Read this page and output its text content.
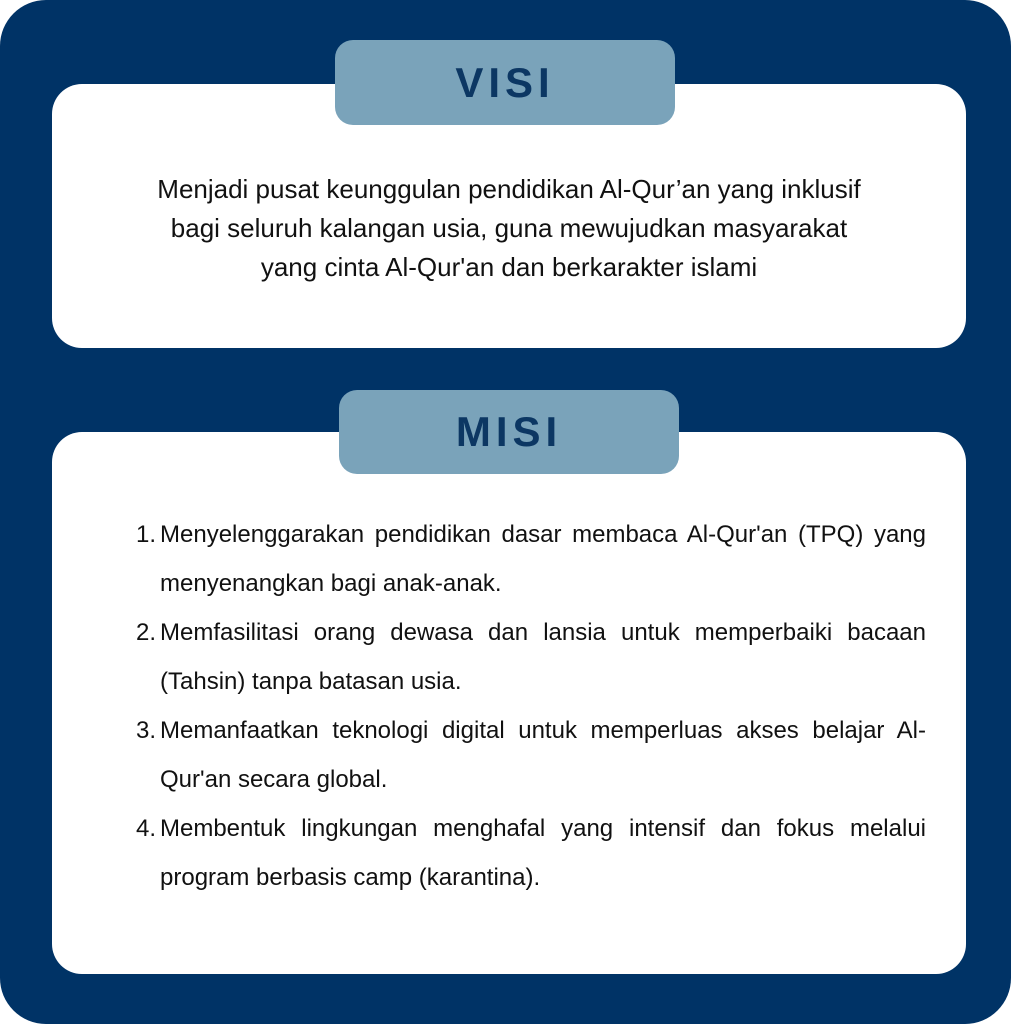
Menjadi pusat keunggulan pendidikan Al-Qur’an yang inklusif bagi seluruh kalangan usia, guna mewujudkan masyarakat yang cinta Al-Qur'an dan berkarakter islami
VISI
1. Menyelenggarakan pendidikan dasar membaca Al-Qur'an (TPQ) yang menyenangkan bagi anak-anak.
2. Memfasilitasi orang dewasa dan lansia untuk memperbaiki bacaan (Tahsin) tanpa batasan usia.
3. Memanfaatkan teknologi digital untuk memperluas akses belajar Al-Qur'an secara global.
4. Membentuk lingkungan menghafal yang intensif dan fokus melalui program berbasis camp (karantina).
MISI
